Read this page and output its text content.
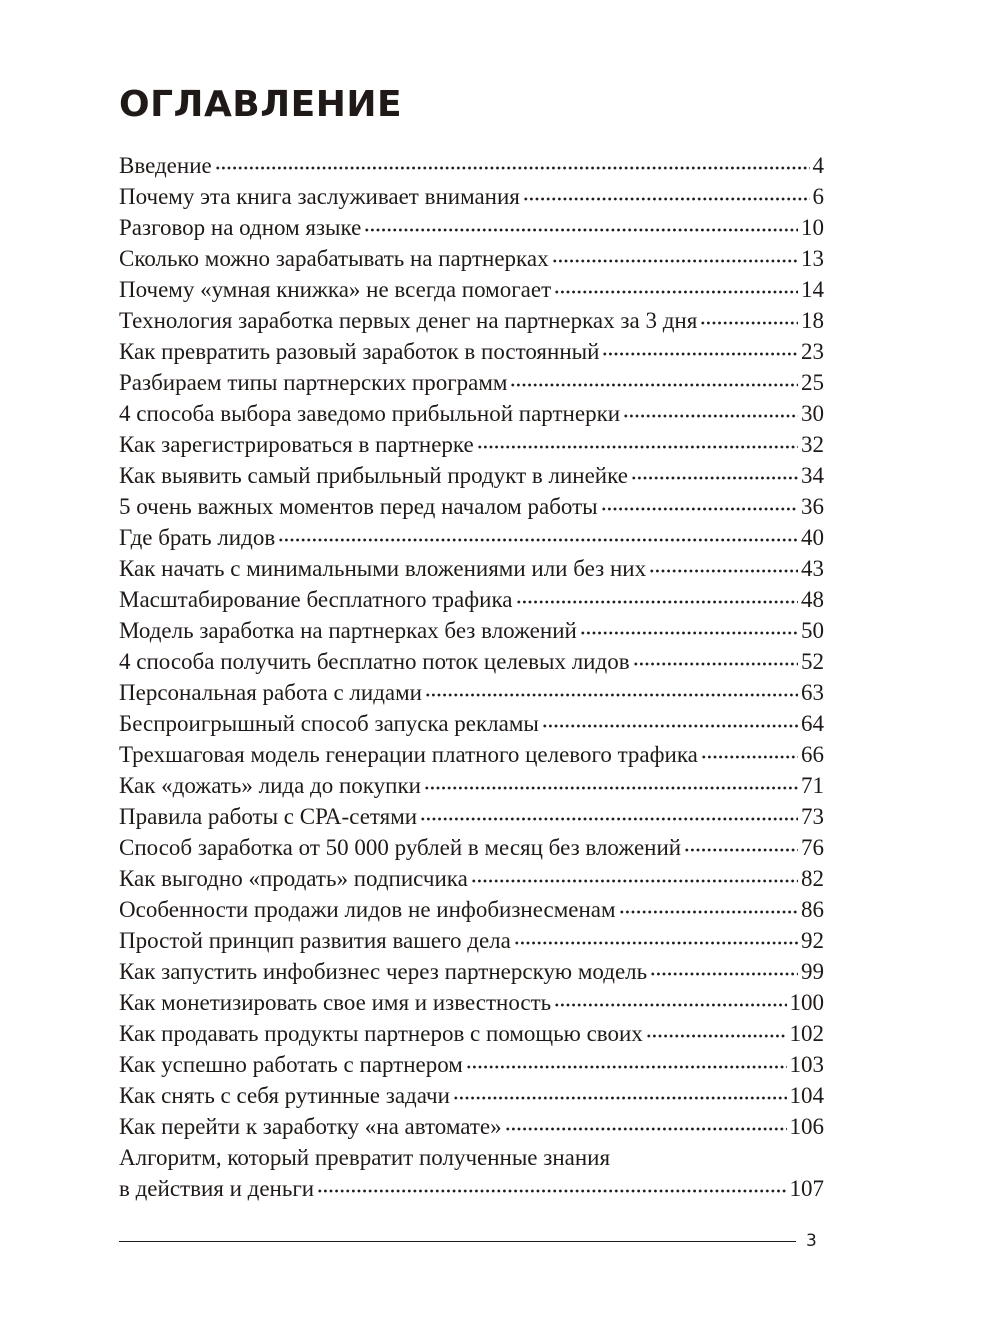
ОГЛАВЛЕНИЕ
Введение	4
Почему эта книга заслуживает внимания	6
Разговор на одном языке	10
Сколько можно зарабатывать на партнерках	13
Почему «умная книжка» не всегда помогает	14
Технология заработка первых денег на партнерках за 3 дня	18
Как превратить разовый заработок в постоянный	23
Разбираем типы партнерских программ	25
4 способа выбора заведомо прибыльной партнерки	30
Как зарегистрироваться в партнерке	32
Как выявить самый прибыльный продукт в линейке	34
5 очень важных моментов перед началом работы	36
Где брать лидов	40
Как начать с минимальными вложениями или без них	43
Масштабирование бесплатного трафика	48
Модель заработка на партнерках без вложений	50
4 способа получить бесплатно поток целевых лидов	52
Персональная работа с лидами	63
Беспроигрышный способ запуска рекламы	64
Трехшаговая модель генерации платного целевого трафика	66
Как «дожать» лида до покупки	71
Правила работы с СРА-сетями	73
Способ заработка от 50 000 рублей в месяц без вложений	76
Как выгодно «продать» подписчика	82
Особенности продажи лидов не инфобизнесменам	86
Простой принцип развития вашего дела	92
Как запустить инфобизнес через партнерскую модель	99
Как монетизировать свое имя и известность	100
Как продавать продукты партнеров с помощью своих	102
Как успешно работать с партнером	103
Как снять с себя рутинные задачи	104
Как перейти к заработку «на автомате»	106
Алгоритм, который превратит полученные знания
в действия и деньги	107
3
